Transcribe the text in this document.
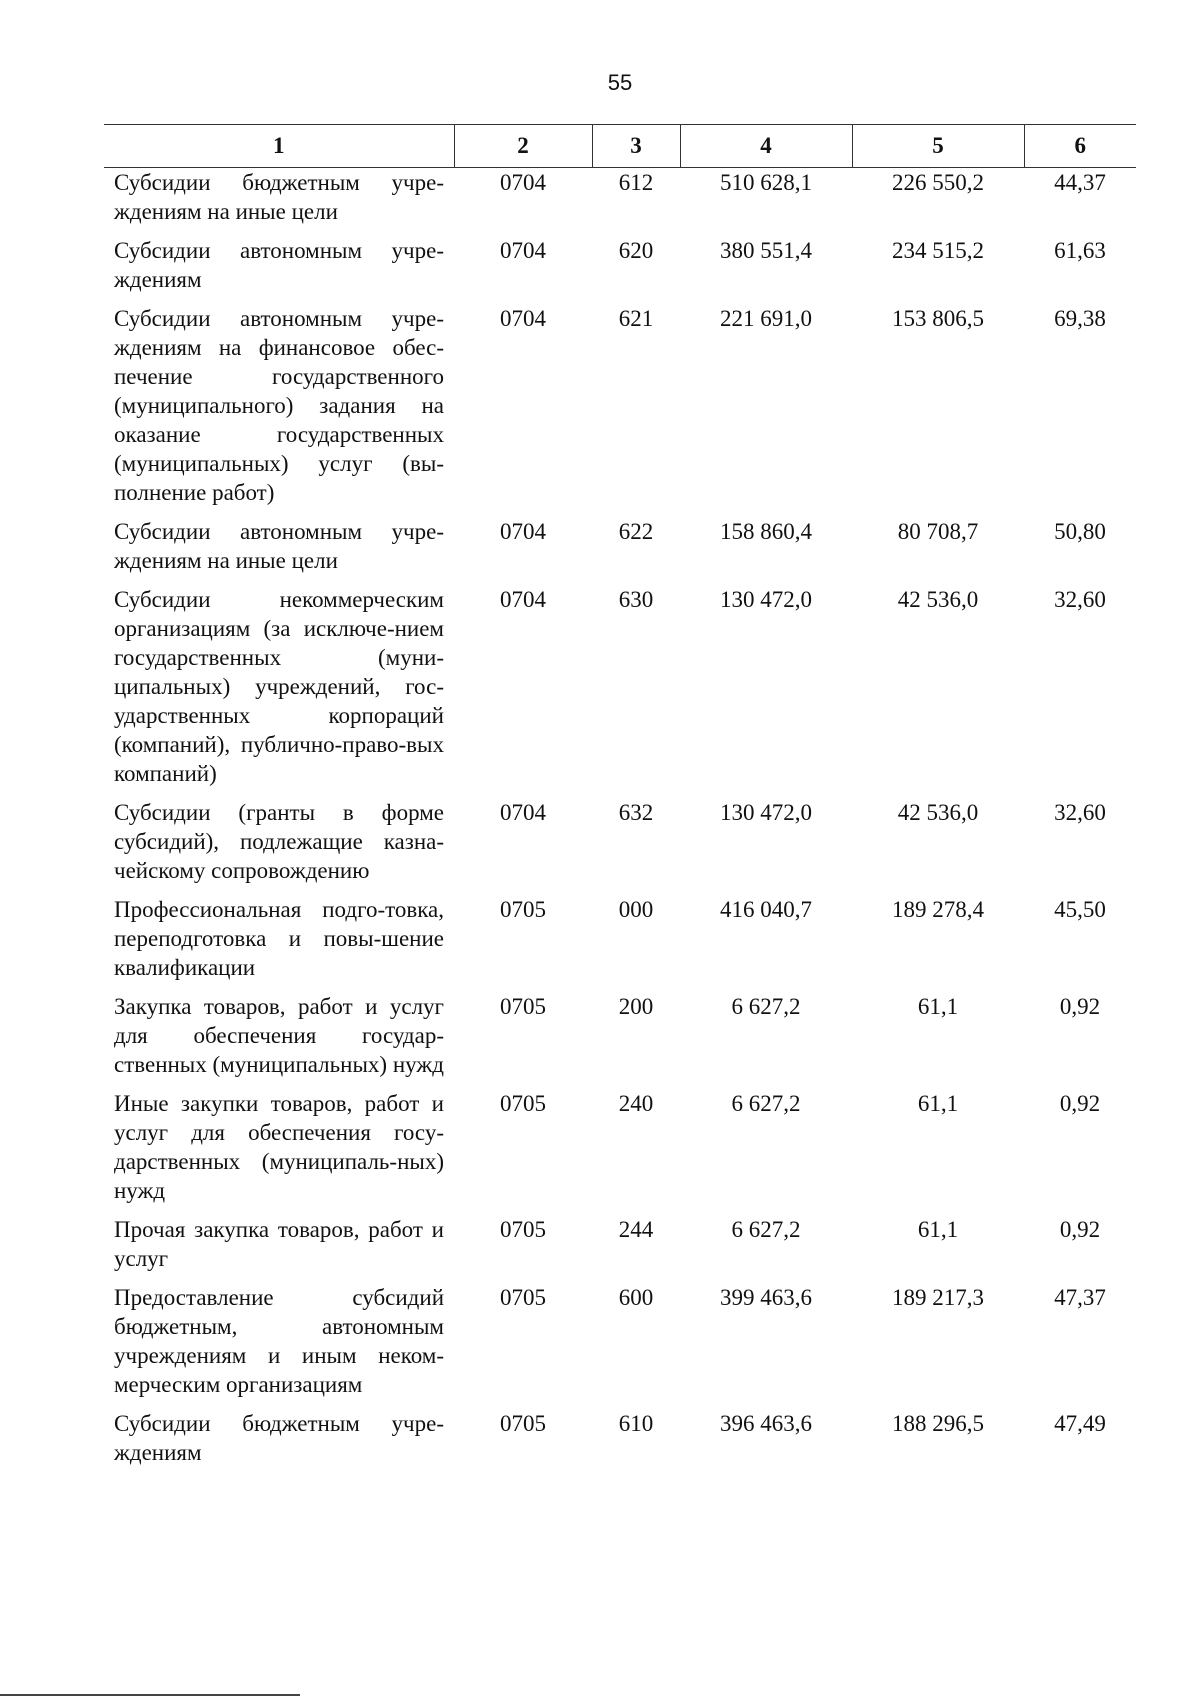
55
1	2	3	4	5	6
Субсидии бюджетным учре-ждениям на иные цели	0704	612	510 628,1	226 550,2	44,37
Субсидии автономным учре-ждениям	0704	620	380 551,4	234 515,2	61,63
Субсидии автономным учре-ждениям на финансовое обес-печение государственного (муниципального) задания на оказание государственных (муниципальных) услуг (вы-полнение работ)	0704	621	221 691,0	153 806,5	69,38
Субсидии автономным учре-ждениям на иные цели	0704	622	158 860,4	80 708,7	50,80
Субсидии некоммерческим организациям (за исключе-нием государственных (муни-ципальных) учреждений, гос-ударственных корпораций (компаний), публично-право-вых компаний)	0704	630	130 472,0	42 536,0	32,60
Субсидии (гранты в форме субсидий), подлежащие казна-чейскому сопровождению	0704	632	130 472,0	42 536,0	32,60
Профессиональная подго-товка, переподготовка и повы-шение квалификации	0705	000	416 040,7	189 278,4	45,50
Закупка товаров, работ и услуг для обеспечения государ-ственных (муниципальных) нужд	0705	200	6 627,2	61,1	0,92
Иные закупки товаров, работ и услуг для обеспечения госу-дарственных (муниципаль-ных) нужд	0705	240	6 627,2	61,1	0,92
Прочая закупка товаров, работ и услуг	0705	244	6 627,2	61,1	0,92
Предоставление субсидий бюджетным, автономным учреждениям и иным неком-мерческим организациям	0705	600	399 463,6	189 217,3	47,37
Субсидии бюджетным учре-ждениям	0705	610	396 463,6	188 296,5	47,49
